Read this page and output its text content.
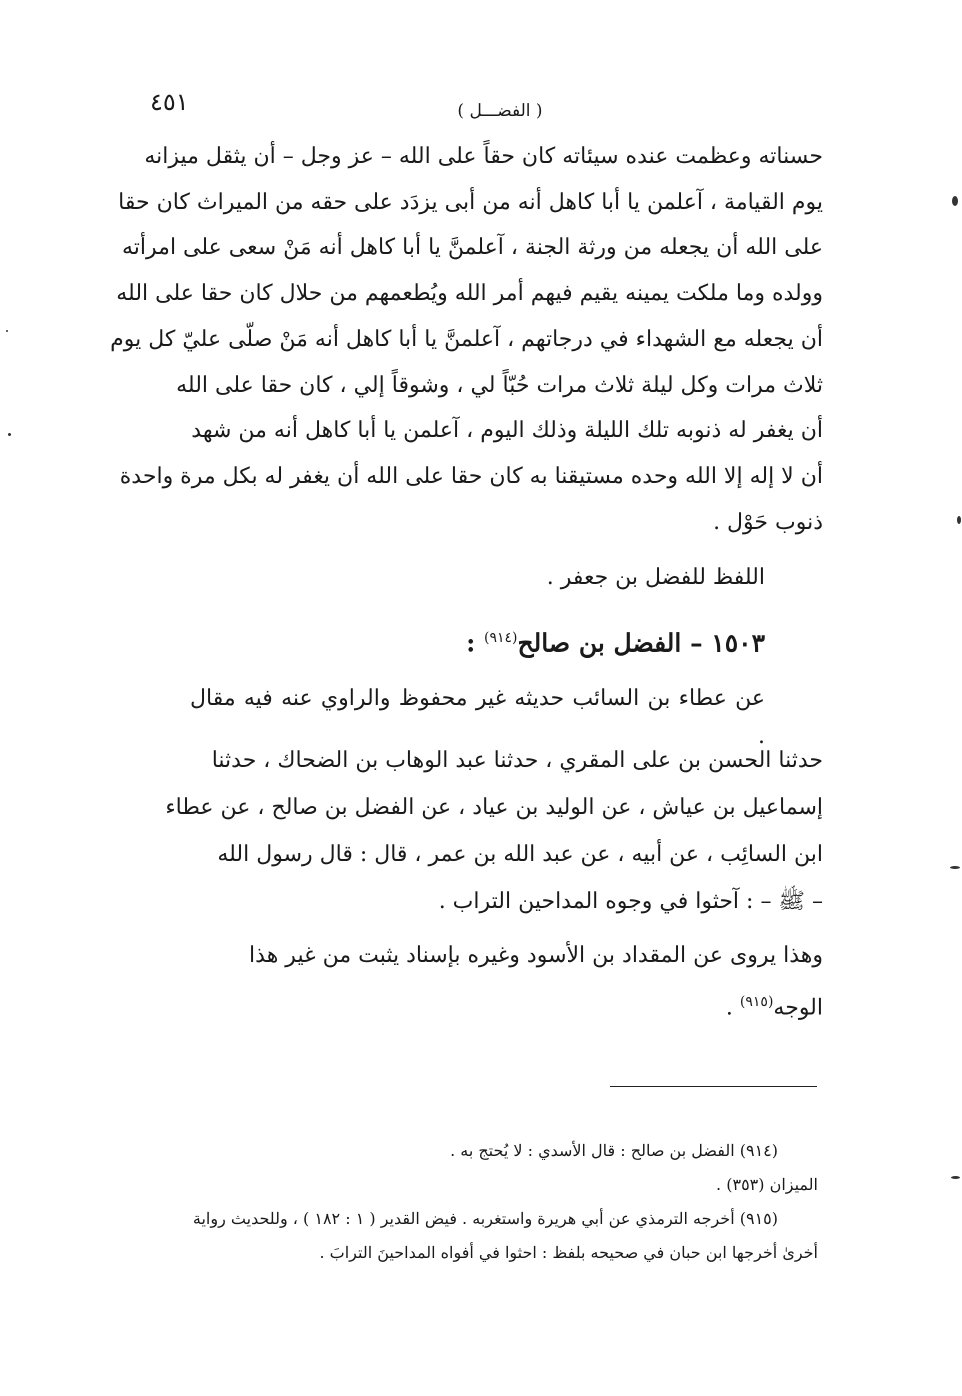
٤٥١	( الفضـــل )
حسناته وعظمت عنده سيئاته كان حقاً على الله – عز وجل – أن يثقل ميزانه
يوم القيامة ، آعلمن يا أبا كاهل أنه من أبى يزدَد على حقه من الميراث كان حقا
على الله أن يجعله من ورثة الجنة ، آعلمنَّ يا أبا كاهل أنه مَنْ سعى على امرأته
وولده وما ملكت يمينه يقيم فيهم أمر الله ويُطعمهم من حلال كان حقا على الله
أن يجعله مع الشهداء في درجاتهم ، آعلمنَّ يا أبا كاهل أنه مَنْ صلّى عليّ كل يوم
ثلاث مرات وكل ليلة ثلاث مرات حُبّاً لي ، وشوقاً إلي ، كان حقا على الله
أن يغفر له ذنوبه تلك الليلة وذلك اليوم ، آعلمن يا أبا كاهل أنه من شهد
أن لا إله إلا الله وحده مستيقنا به كان حقا على الله أن يغفر له بكل مرة واحدة
ذنوب حَوْل .
اللفظ للفضل بن جعفر .
١٥٠٣ – الفضل بن صالح$^{(٩١٤)}$ :
عن عطاء بن السائب حديثه غير محفوظ والراوي عنه فيه مقال .
حدثنا الحسن بن على المقري ، حدثنا عبد الوهاب بن الضحاك ، حدثنا
إسماعيل بن عياش ، عن الوليد بن عياد ، عن الفضل بن صالح ، عن عطاء
ابن السائِب ، عن أبيه ، عن عبد الله بن عمر ، قال : قال رسول الله
– ﷺ – : آحثوا في وجوه المداحين التراب .
وهذا يروى عن المقداد بن الأسود وغيره بإسناد يثبت من غير هذا
الوجه$^{(٩١٥)}$ .
(٩١٤) الفضل بن صالح : قال الأسدي : لا يُحتج به .
الميزان (٣٥٣) .
(٩١٥) أخرجه الترمذي عن أبي هريرة واستغربه . فيض القدير ( ١ : ١٨٢ ) ، وللحديث رواية
أخرىٰ أخرجها ابن حبان في صحيحه بلفظ : احثوا في أفواه المداحينَ الترابَ .
